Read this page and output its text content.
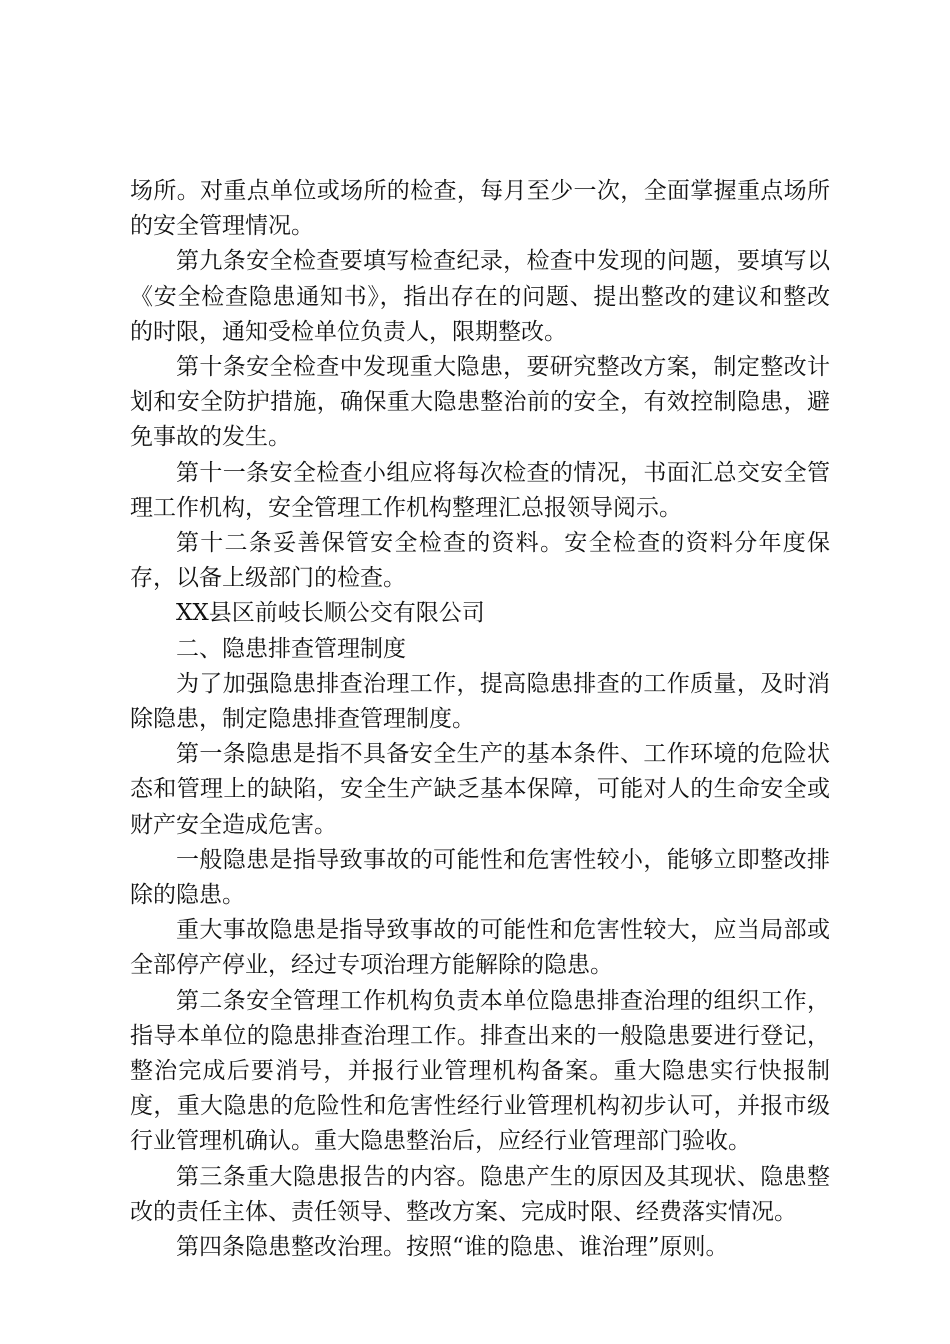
场所。对重点单位或场所的检查，每月至少一次，全面掌握重点场所的安全管理情况。

第九条安全检查要填写检查纪录，检查中发现的问题，要填写以《安全检查隐患通知书》，指出存在的问题、提出整改的建议和整改的时限，通知受检单位负责人，限期整改。

第十条安全检查中发现重大隐患，要研究整改方案，制定整改计划和安全防护措施，确保重大隐患整治前的安全，有效控制隐患，避免事故的发生。

第十一条安全检查小组应将每次检查的情况，书面汇总交安全管理工作机构，安全管理工作机构整理汇总报领导阅示。

第十二条妥善保管安全检查的资料。安全检查的资料分年度保存，以备上级部门的检查。

XX县区前岐长顺公交有限公司

二、隐患排查管理制度

为了加强隐患排查治理工作，提高隐患排查的工作质量，及时消除隐患，制定隐患排查管理制度。

第一条隐患是指不具备安全生产的基本条件、工作环境的危险状态和管理上的缺陷，安全生产缺乏基本保障，可能对人的生命安全或财产安全造成危害。

一般隐患是指导致事故的可能性和危害性较小，能够立即整改排除的隐患。

重大事故隐患是指导致事故的可能性和危害性较大，应当局部或全部停产停业，经过专项治理方能解除的隐患。

第二条安全管理工作机构负责本单位隐患排查治理的组织工作，指导本单位的隐患排查治理工作。排查出来的一般隐患要进行登记，整治完成后要消号，并报行业管理机构备案。重大隐患实行快报制度，重大隐患的危险性和危害性经行业管理机构初步认可，并报市级行业管理机确认。重大隐患整治后，应经行业管理部门验收。

第三条重大隐患报告的内容。隐患产生的原因及其现状、隐患整改的责任主体、责任领导、整改方案、完成时限、经费落实情况。

第四条隐患整改治理。按照“谁的隐患、谁治理”原则。
